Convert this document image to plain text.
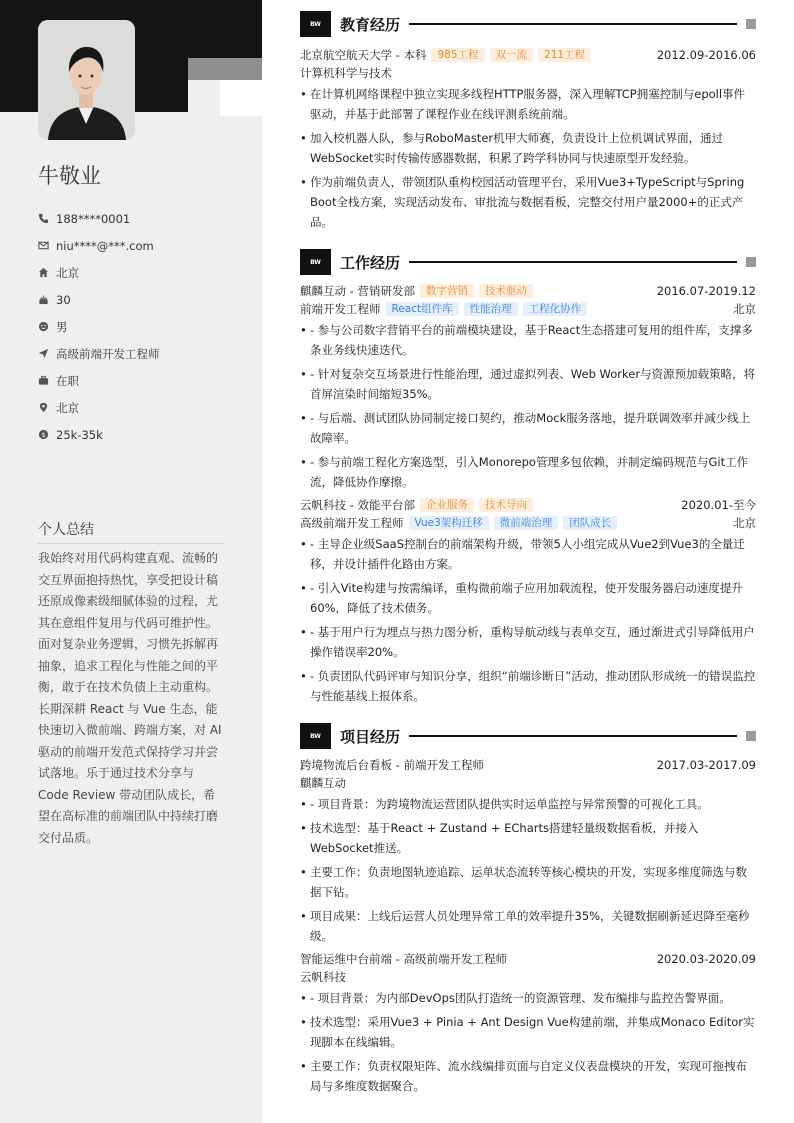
牛敬业
188****0001
niu****@***.com
北京
30
男
高级前端开发工程师
在职
北京
$ 25k-35k
个人总结
我始终对用代码构建直观、流畅的交互界面抱持热忱，享受把设计稿还原成像素级细腻体验的过程，尤其在意组件复用与代码可维护性。面对复杂业务逻辑，习惯先拆解再抽象，追求工程化与性能之间的平衡，敢于在技术负债上主动重构。长期深耕 React 与 Vue 生态，能快速切入微前端、跨端方案，对 AI 驱动的前端开发范式保持学习并尝试落地。乐于通过技术分享与 Code Review 带动团队成长，希望在高标准的前端团队中持续打磨交付品质。
BW	教育经历
北京航空航天大学 - 本科	985工程	双一流	211工程	2012.09-2016.06
计算机科学与技术
• 在计算机网络课程中独立实现多线程HTTP服务器，深入理解TCP拥塞控制与epoll事件驱动，并基于此部署了课程作业在线评测系统前端。
• 加入校机器人队，参与RoboMaster机甲大师赛，负责设计上位机调试界面，通过WebSocket实时传输传感器数据，积累了跨学科协同与快速原型开发经验。
• 作为前端负责人，带领团队重构校园活动管理平台，采用Vue3+TypeScript与Spring Boot全栈方案，实现活动发布、审批流与数据看板，完整交付用户量2000+的正式产品。
BW	工作经历
麒麟互动 - 营销研发部	数字营销	技术驱动	2016.07-2019.12
前端开发工程师	React组件库	性能治理	工程化协作	北京
• - 参与公司数字营销平台的前端模块建设，基于React生态搭建可复用的组件库，支撑多条业务线快速迭代。
• - 针对复杂交互场景进行性能治理，通过虚拟列表、Web Worker与资源预加载策略，将首屏渲染时间缩短35%。
• - 与后端、测试团队协同制定接口契约，推动Mock服务落地，提升联调效率并减少线上故障率。
• - 参与前端工程化方案选型，引入Monorepo管理多包依赖，并制定编码规范与Git工作流，降低协作摩擦。
云帆科技 - 效能平台部	企业服务	技术导向	2020.01-至今
高级前端开发工程师	Vue3架构迁移	微前端治理	团队成长	北京
• - 主导企业级SaaS控制台的前端架构升级，带领5人小组完成从Vue2到Vue3的全量迁移，并设计插件化路由方案。
• - 引入Vite构建与按需编译，重构微前端子应用加载流程，使开发服务器启动速度提升60%，降低了技术债务。
• - 基于用户行为埋点与热力图分析，重构导航动线与表单交互，通过渐进式引导降低用户操作错误率20%。
• - 负责团队代码评审与知识分享，组织“前端诊断日”活动，推动团队形成统一的错误监控与性能基线上报体系。
BW	项目经历
跨境物流后台看板 - 前端开发工程师	2017.03-2017.09
麒麟互动
• - 项目背景：为跨境物流运营团队提供实时运单监控与异常预警的可视化工具。
• 技术选型：基于React + Zustand + ECharts搭建轻量级数据看板，并接入WebSocket推送。
• 主要工作：负责地图轨迹追踪、运单状态流转等核心模块的开发，实现多维度筛选与数据下钻。
• 项目成果：上线后运营人员处理异常工单的效率提升35%，关键数据刷新延迟降至毫秒级。
智能运维中台前端 - 高级前端开发工程师	2020.03-2020.09
云帆科技
• - 项目背景：为内部DevOps团队打造统一的资源管理、发布编排与监控告警界面。
• 技术选型：采用Vue3 + Pinia + Ant Design Vue构建前端，并集成Monaco Editor实现脚本在线编辑。
• 主要工作：负责权限矩阵、流水线编排页面与自定义仪表盘模块的开发，实现可拖拽布局与多维度数据聚合。
